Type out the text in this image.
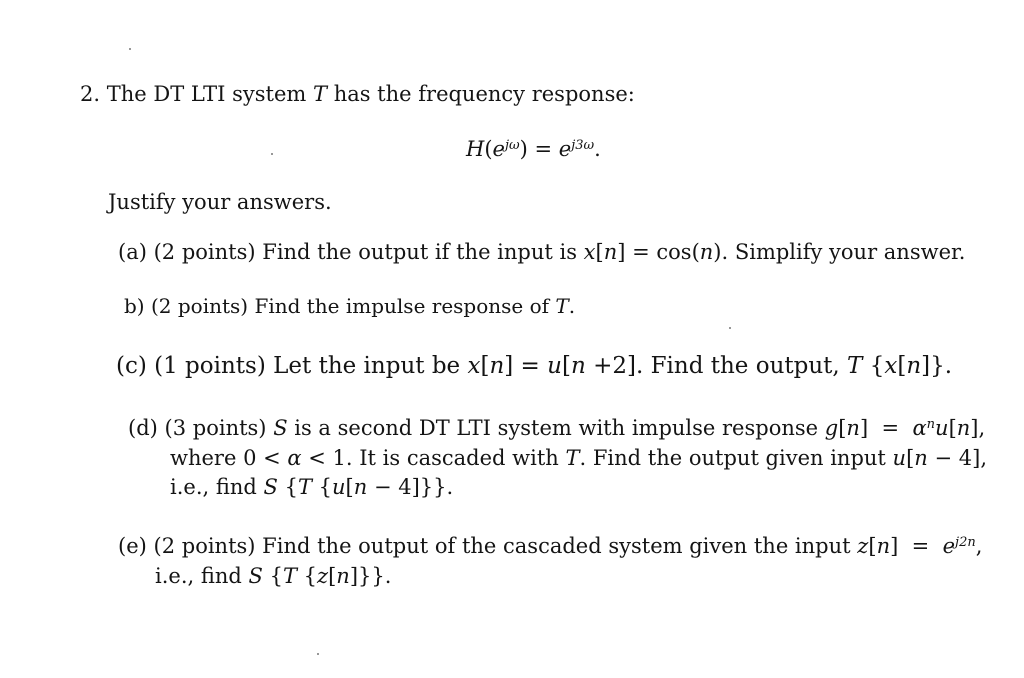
2. The DT LTI system T has the frequency response:
$H(e^{j\omega}) = e^{j3\omega}$.
Justify your answers.
(a) (2 points) Find the output if the input is x[n] = cos(n). Simplify your answer.
b) (2 points) Find the impulse response of T.
(c) (1 points) Let the input be x[n] = u[n +2]. Find the output, T {x[n]}.
(d) (3 points) S is a second DT LTI system with impulse response $g[n] = \alpha^nu[n]$,
where 0 < α < 1. It is cascaded with T. Find the output given input u[n − 4],
i.e., find S {T {u[n − 4]}}.
(e) (2 points) Find the output of the cascaded system given the input $z[n] = e^{j2n}$,
i.e., find S {T {z[n]}}.
